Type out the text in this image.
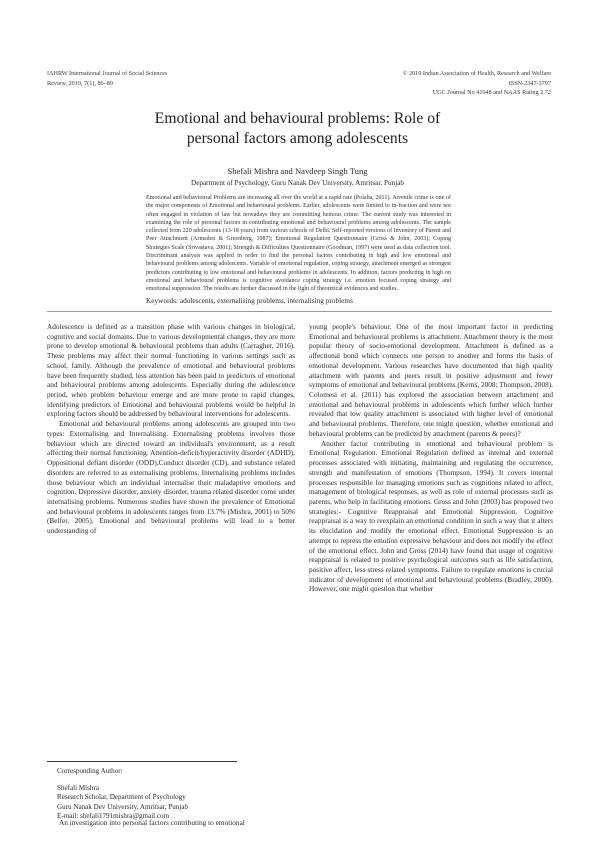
IAHRW International Journal of Social Sciences
Review, 2019, 7(1), 86–89
© 2019 Indian Association of Health, Research and Welfare
ISSN-2347-3797
UGC Journal No 41948 and NAAS Rating 2.72
Emotional and behavioural problems: Role of
personal factors among adolescents
Shefali Mishra and Navdeep Singh Tung
Department of Psychology, Guru Nanak Dev University, Amritsar, Punjab
Emotional and behavioural Problems are increasing all over the world at a rapid rate (Polaha, 2011). Juvenile crime is one of the major components of Emotional and behavioural problems. Earlier, adolescents were limited to in-fraction and were not often engaged in violation of law but nowadays they are committing heinous crime. The current study was interested in examining the role of personal factors in contributing emotional and behavioural problems among adolescents. The sample collected from 220 adolescents (13-18 years) from various schools of Delhi. Self-reported versions of Inventory of Parent and Peer Attachment (Armsden & Greenberg, 1987); Emotional Regulation Questionnaire (Gross & John, 2003); Coping Strategies Scale (Srivastava, 2001); Strength & Difficulties Questionnaire (Goodman, 1997) were used as data collection tool. Discriminant analysis was applied in order to find the personal factors contributing in high and low emotional and behavioural problems among adolescents. Variable of emotional regulation, coping strategy, attachment emerged as strongest predictors contributing to low emotional and behavioural problems in adolescents. In addition, factors predicting in high on emotional and behavioural problems is cognitive avoidance coping strategy i.e. emotion focused coping strategy and emotional suppression. The results are further discussed in the light of theoretical evidences and studies.
Keywords: adolescents, externalising problems, internalising problems

Adolescence is defined as a transition phase with various changes in biological, cognitive and social domains. Due to various developmental changes, they are more prone to develop emotional & behavioural problems than adults (Carragher, 2016). These problems may affect their normal functioning in various settings such as school, family. Although the prevalence of emotional and behavioural problems have been frequently studied, less attention has been paid to predictors of emotional and behavioural problems among adolescents. Especially during the adolescence period, when problem behaviour emerge and are more prone to rapid changes, identifying predictors of Emotional and behavioural problems would be helpful in exploring factors should be addressed by behavioural interventions for adolescents.

Emotional and behavioural problems among adolescents are grouped into two types: Externalising and Internalising. Externalising problems involves those behaviour which are directed toward an individual's environment, as a result affecting their normal functioning. Attention-deficit/hyperactivity disorder (ADHD), Oppositional defiant disorder (ODD),Conduct disorder (CD), and substance related disorders are referred to as externalising problems. Internalising problems includes those behaviour which an individual internalise their maladaptive emotions and cognition. Depressive disorder, anxiety disorder, trauma related disorder come under internalising problems. Numerous studies have shown the prevalence of Emotional and behavioural problems in adolescents ranges from 13.7% (Mishra, 2001) to 50% (Belfer, 2005). Emotional and behavioural problems will lead to a better understanding of

Corresponding Author:
Shefali Mishra
Research Scholar, Department of Psychology
Guru Nanak Dev University, Amritsar, Punjab
E-mail: shefali1791mishra@gmail.com
An investigation into personal factors contributing to emotional

young people's behaviour. One of the most important factor in predicting Emotional and behavioural problems is attachment. Attachment theory is the most popular theory of socio-emotional development. Attachment is defined as a affectional bond which connects one person to another and forms the basis of emotional development. Various researches have documented that high quality attachment with parents and peers result in positive adjustment and fewer symptoms of emotional and behavioural problems (Kerns, 2008; Thompson, 2008). Colomesi et al. (2011) has explored the association between attachment and emotional and behavioural problems in adolescents which further which further revealed that low quality attachment is associated with higher level of emotional and behavioural problems. Therefore, one might question, whether emotional and behavioural problems can be predicted by attachment (parents & peers)?

Another factor contributing in emotional and behavioural problem is Emotional Regulation. Emotional Regulation defined as internal and external processes associated with initiating, maintaining and regulating the occurrence, strength and manifestation of emotions (Thompson, 1994). It covers internal processes responsible for managing emotions such as cognitions related to affect, management of biological responses, as well as role of external processes such as parents, who help in facilitating emotions. Gross and John (2003) has proposed two strategies:- Cognitive Reappraisal and Emotional Suppression. Cognitive reappraisal is a way to reexplain an emotional condition in such a way that it alters its elucidation and modify the emotional effect. Emotional Suppression is an attempt to repress the emotion expressive behaviour and does not modify the effect of the emotional effect. John and Gross (2014) have found that usage of cognitive reappraisal is related to positive psychological outcomes such as life satisfaction, positive affect, less stress related symptoms. Failure to regulate emotions is crucial indicator of development of emotional and behavioural problems (Bradley, 2000). However, one might question that whether
